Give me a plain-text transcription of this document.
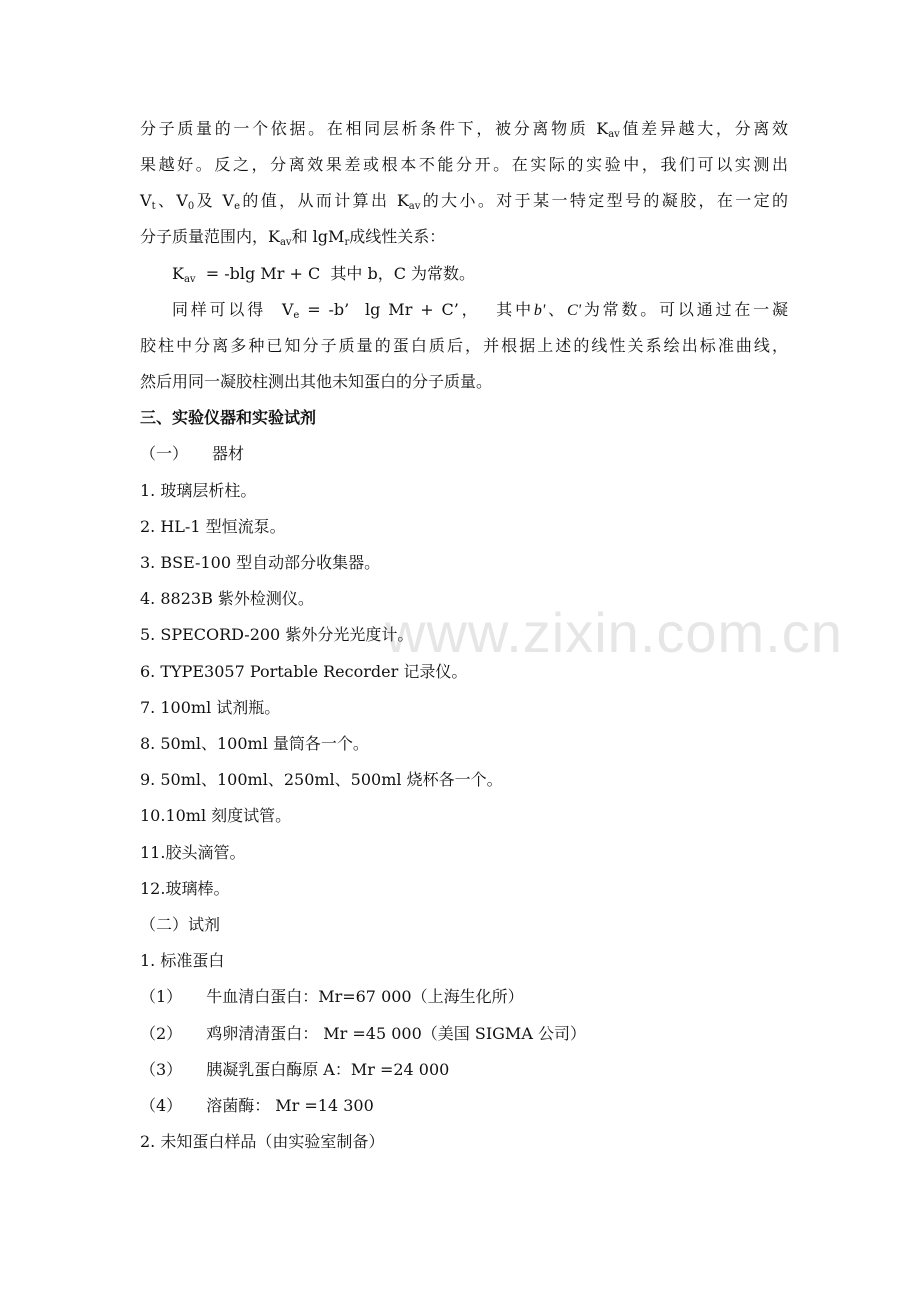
www.zixin.com.cn
分子质量的一个依据。在相同层析条件下，被分离物质 $K_{av}$值差异越大，分离效
果越好。反之，分离效果差或根本不能分开。在实际的实验中，我们可以实测出
$V_t$、$V_0$及 $V_e$的值，从而计算出 $K_{av}$的大小。对于某一特定型号的凝胶，在一定的
分子质量范围内，$K_{av}$和 lgM$_r$成线性关系：
$K_{av} = -blg$ Mr + C  其中 b，C 为常数。
同样可以得  $V_e = -b$’  lg Mr + C’，  其中b'、C'为常数。可以通过在一凝
胶柱中分离多种已知分子质量的蛋白质后，并根据上述的线性关系绘出标准曲线，
然后用同一凝胶柱测出其他未知蛋白的分子质量。
三、实验仪器和实验试剂
（一） 器材
1. 玻璃层析柱。
2. HL-1 型恒流泵。
3. BSE-100 型自动部分收集器。
4. 8823B 紫外检测仪。
5. SPECORD-200 紫外分光光度计。
6. TYPE3057 Portable Recorder 记录仪。
7. 100ml 试剂瓶。
8. 50ml、100ml 量筒各一个。
9. 50ml、100ml、250ml、500ml 烧杯各一个。
10.10ml 刻度试管。
11.胶头滴管。
12.玻璃棒。
（二）试剂
1. 标准蛋白
（1） 牛血清白蛋白：Mr=67 000（上海生化所）
（2） 鸡卵清清蛋白： Mr =45 000（美国 SIGMA 公司）
（3） 胰凝乳蛋白酶原 A：Mr =24 000
（4） 溶菌酶： Mr =14 300
2. 未知蛋白样品（由实验室制备）
